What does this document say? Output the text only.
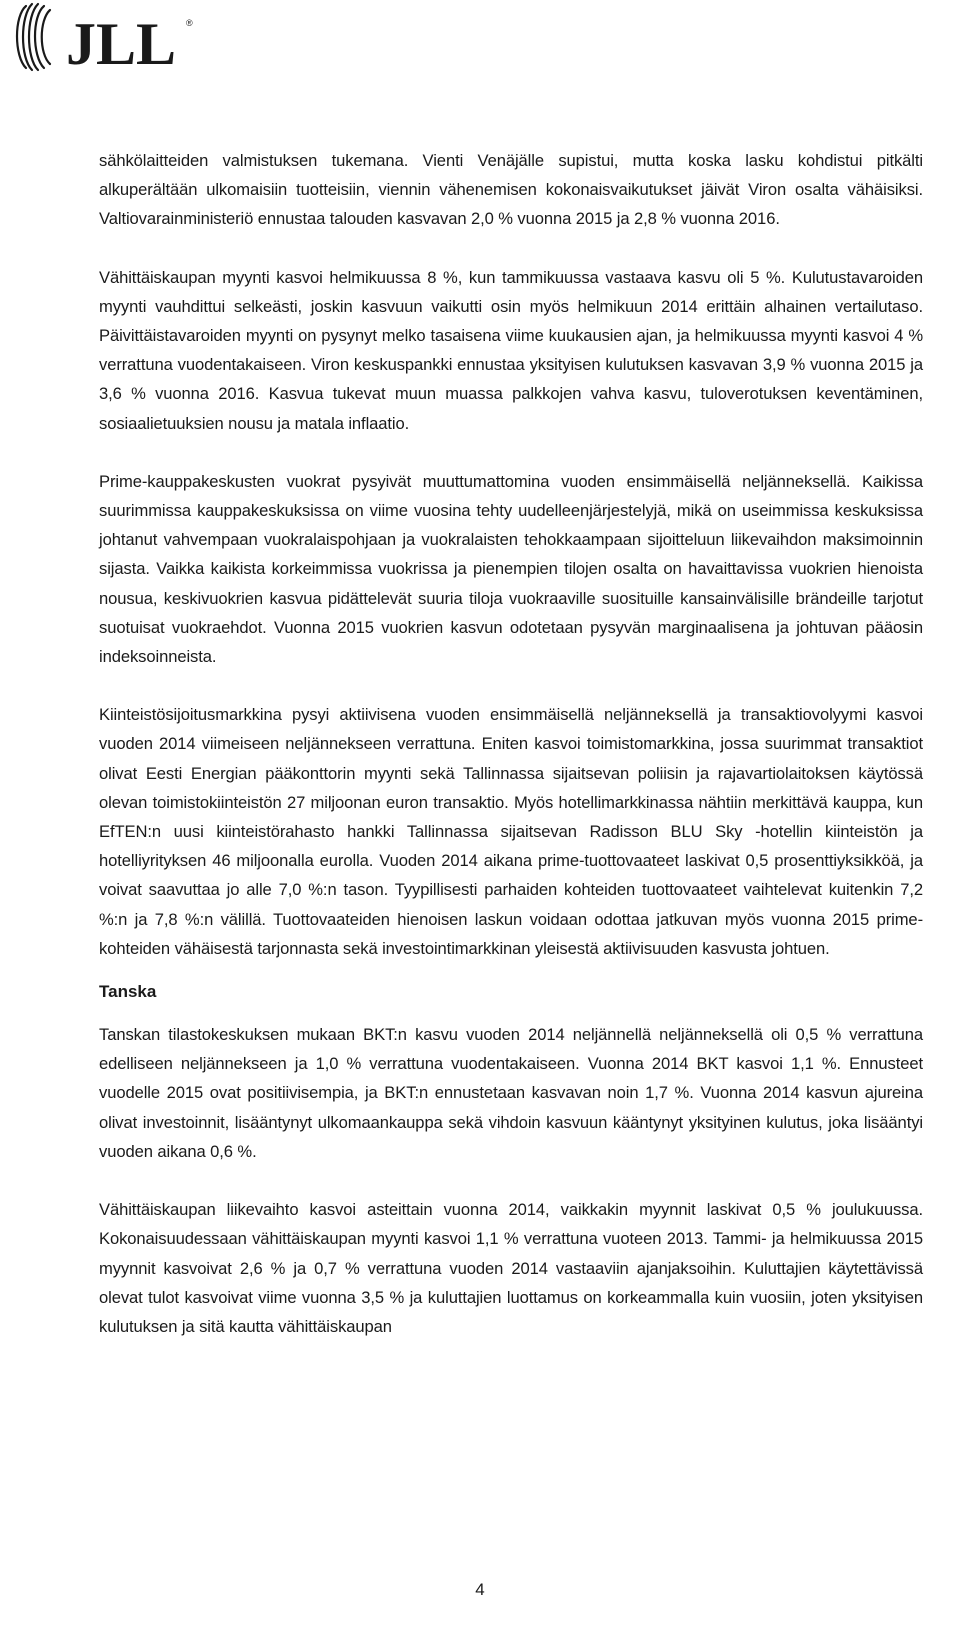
JLL ®

sähkölaitteiden valmistuksen tukemana. Vienti Venäjälle supistui, mutta koska lasku kohdistui pitkälti alkuperältään ulkomaisiin tuotteisiin, viennin vähenemisen kokonaisvaikutukset jäivät Viron osalta vähäisiksi. Valtiovarainministeriö ennustaa talouden kasvavan 2,0 % vuonna 2015 ja 2,8 % vuonna 2016.

Vähittäiskaupan myynti kasvoi helmikuussa 8 %, kun tammikuussa vastaava kasvu oli 5 %. Kulutustavaroiden myynti vauhdittui selkeästi, joskin kasvuun vaikutti osin myös helmikuun 2014 erittäin alhainen vertailutaso. Päivittäistavaroiden myynti on pysynyt melko tasaisena viime kuukausien ajan, ja helmikuussa myynti kasvoi 4 % verrattuna vuodentakaiseen. Viron keskuspankki ennustaa yksityisen kulutuksen kasvavan 3,9 % vuonna 2015 ja 3,6 % vuonna 2016. Kasvua tukevat muun muassa palkkojen vahva kasvu, tuloverotuksen keventäminen, sosiaalietuuksien nousu ja matala inflaatio.

Prime-kauppakeskusten vuokrat pysyivät muuttumattomina vuoden ensimmäisellä neljänneksellä. Kaikissa suurimmissa kauppakeskuksissa on viime vuosina tehty uudelleenjärjestelyjä, mikä on useimmissa keskuksissa johtanut vahvempaan vuokralaispohjaan ja vuokralaisten tehokkaampaan sijoitteluun liikevaihdon maksimoinnin sijasta. Vaikka kaikista korkeimmissa vuokrissa ja pienempien tilojen osalta on havaittavissa vuokrien hienoista nousua, keskivuokrien kasvua pidättelevät suuria tiloja vuokraaville suosituille kansainvälisille brändeille tarjotut suotuisat vuokraehdot. Vuonna 2015 vuokrien kasvun odotetaan pysyvän marginaalisena ja johtuvan pääosin indeksoinneista.

Kiinteistösijoitusmarkkina pysyi aktiivisena vuoden ensimmäisellä neljänneksellä ja transaktiovolyymi kasvoi vuoden 2014 viimeiseen neljännekseen verrattuna. Eniten kasvoi toimistomarkkina, jossa suurimmat transaktiot olivat Eesti Energian pääkonttorin myynti sekä Tallinnassa sijaitsevan poliisin ja rajavartiolaitoksen käytössä olevan toimistokiinteistön 27 miljoonan euron transaktio. Myös hotellimarkkinassa nähtiin merkittävä kauppa, kun EfTEN:n uusi kiinteistörahasto hankki Tallinnassa sijaitsevan Radisson BLU Sky -hotellin kiinteistön ja hotelliyrityksen 46 miljoonalla eurolla. Vuoden 2014 aikana prime-tuottovaateet laskivat 0,5 prosenttiyksikköä, ja voivat saavuttaa jo alle 7,0 %:n tason. Tyypillisesti parhaiden kohteiden tuottovaateet vaihtelevat kuitenkin 7,2 %:n ja 7,8 %:n välillä. Tuottovaateiden hienoisen laskun voidaan odottaa jatkuvan myös vuonna 2015 prime-kohteiden vähäisestä tarjonnasta sekä investointimarkkinan yleisestä aktiivisuuden kasvusta johtuen.

Tanska

Tanskan tilastokeskuksen mukaan BKT:n kasvu vuoden 2014 neljännellä neljänneksellä oli 0,5 % verrattuna edelliseen neljännekseen ja 1,0 % verrattuna vuodentakaiseen. Vuonna 2014 BKT kasvoi 1,1 %. Ennusteet vuodelle 2015 ovat positiivisempia, ja BKT:n ennustetaan kasvavan noin 1,7 %. Vuonna 2014 kasvun ajureina olivat investoinnit, lisääntynyt ulkomaankauppa sekä vihdoin kasvuun kääntynyt yksityinen kulutus, joka lisääntyi vuoden aikana 0,6 %.

Vähittäiskaupan liikevaihto kasvoi asteittain vuonna 2014, vaikkakin myynnit laskivat 0,5 % joulukuussa. Kokonaisuudessaan vähittäiskaupan myynti kasvoi 1,1 % verrattuna vuoteen 2013. Tammi- ja helmikuussa 2015 myynnit kasvoivat 2,6 % ja 0,7 % verrattuna vuoden 2014 vastaaviin ajanjaksoihin. Kuluttajien käytettävissä olevat tulot kasvoivat viime vuonna 3,5 % ja kuluttajien luottamus on korkeammalla kuin vuosiin, joten yksityisen kulutuksen ja sitä kautta vähittäiskaupan

4
